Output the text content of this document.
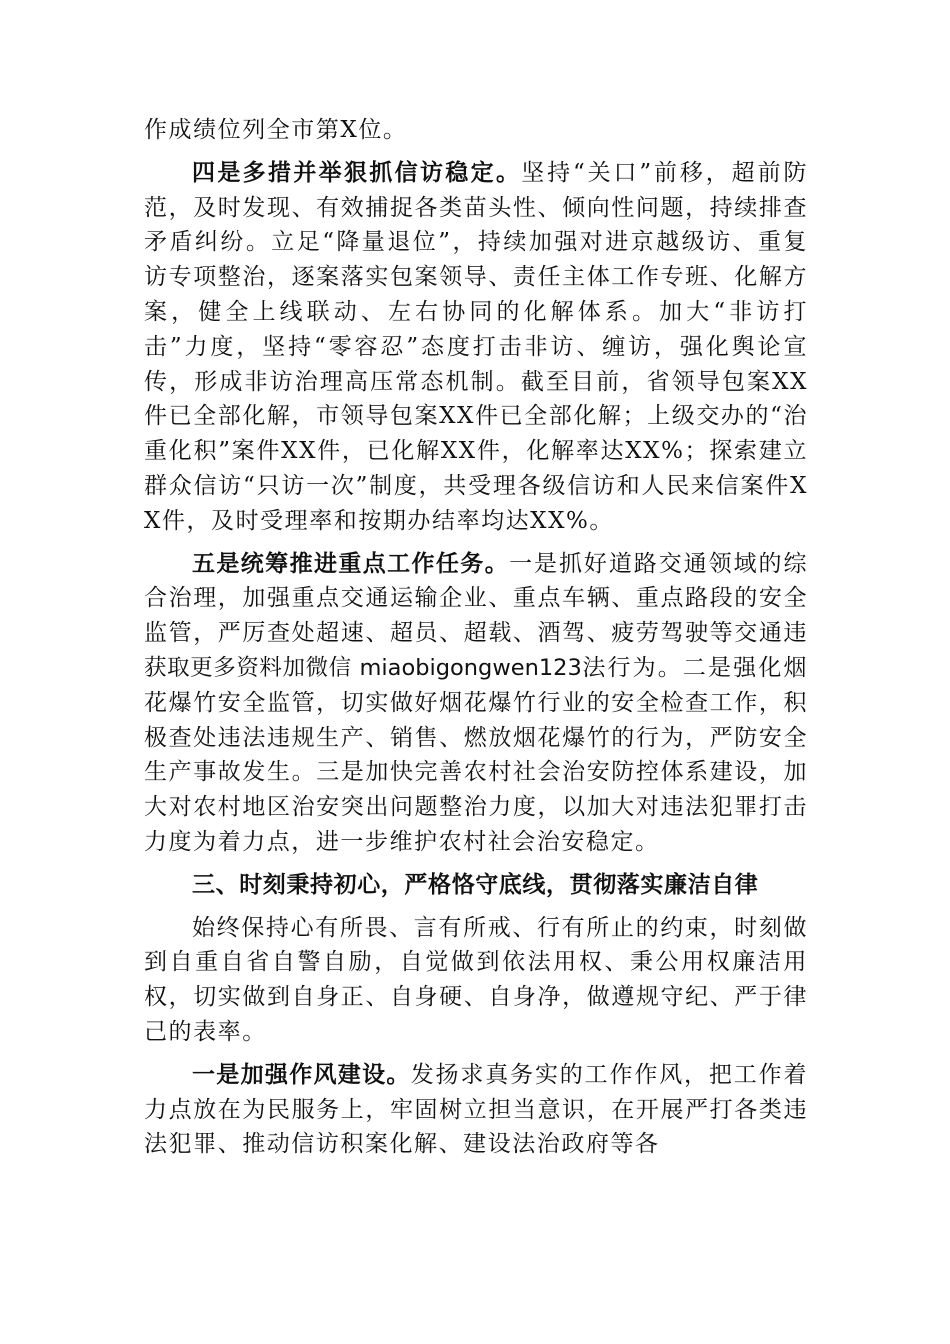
作成绩位列全市第X位。

四是多措并举狠抓信访稳定。坚持“关口”前移，超前防范，及时发现、有效捕捉各类苗头性、倾向性问题，持续排查矛盾纠纷。立足“降量退位”，持续加强对进京越级访、重复访专项整治，逐案落实包案领导、责任主体工作专班、化解方案，健全上线联动、左右协同的化解体系。加大“非访打击”力度，坚持“零容忍”态度打击非访、缠访，强化舆论宣传，形成非访治理高压常态机制。截至目前，省领导包案XX件已全部化解，市领导包案XX件已全部化解；上级交办的“治重化积”案件XX件，已化解XX件，化解率达XX%；探索建立群众信访“只访一次”制度，共受理各级信访和人民来信案件XX件，及时受理率和按期办结率均达XX%。

五是统筹推进重点工作任务。一是抓好道路交通领域的综合治理，加强重点交通运输企业、重点车辆、重点路段的安全监管，严厉查处超速、超员、超载、酒驾、疲劳驾驶等交通违获取更多资料加微信 miaobigongwen123法行为。二是强化烟花爆竹安全监管，切实做好烟花爆竹行业的安全检查工作，积极查处违法违规生产、销售、燃放烟花爆竹的行为，严防安全生产事故发生。三是加快完善农村社会治安防控体系建设，加大对农村地区治安突出问题整治力度，以加大对违法犯罪打击力度为着力点，进一步维护农村社会治安稳定。

三、时刻秉持初心，严格恪守底线，贯彻落实廉洁自律

始终保持心有所畏、言有所戒、行有所止的约束，时刻做到自重自省自警自励，自觉做到依法用权、秉公用权廉洁用权，切实做到自身正、自身硬、自身净，做遵规守纪、严于律己的表率。

一是加强作风建设。发扬求真务实的工作作风，把工作着力点放在为民服务上，牢固树立担当意识，在开展严打各类违法犯罪、推动信访积案化解、建设法治政府等各
